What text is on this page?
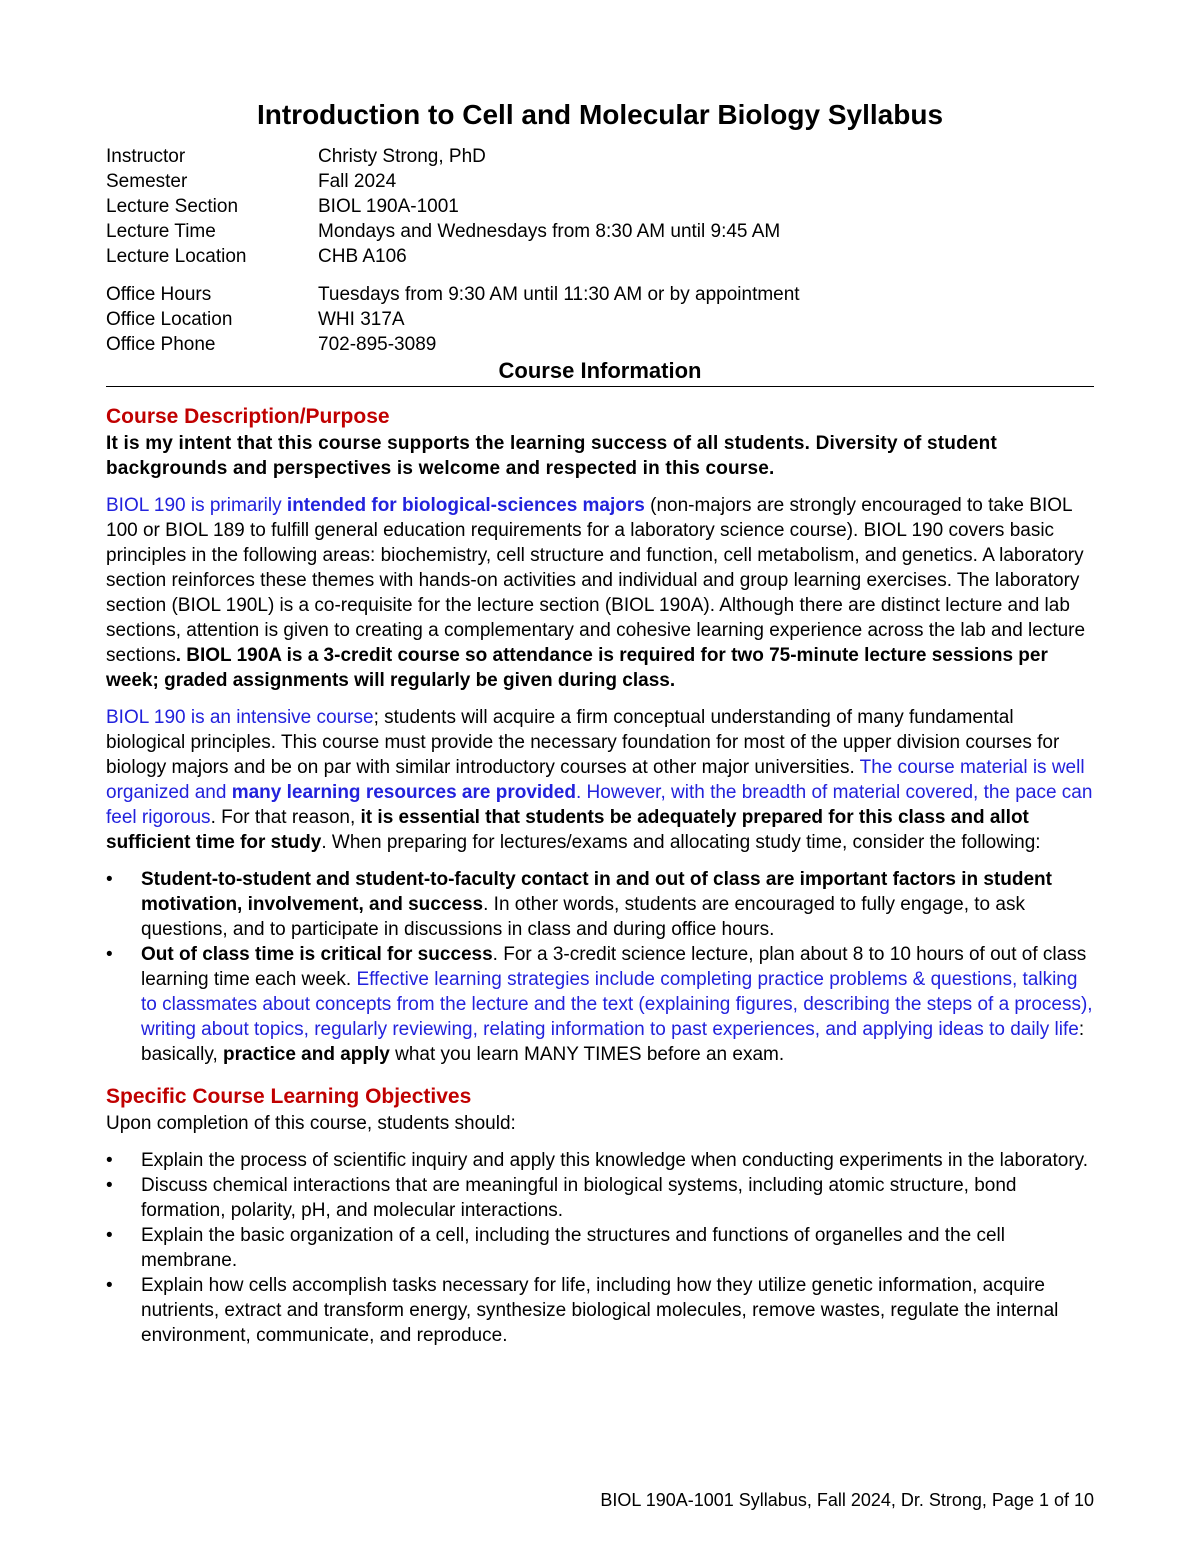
Introduction to Cell and Molecular Biology Syllabus
Instructor	Christy Strong, PhD
Semester	Fall 2024
Lecture Section	BIOL 190A-1001
Lecture Time	Mondays and Wednesdays from 8:30 AM until 9:45 AM
Lecture Location	CHB A106
Office Hours	Tuesdays from 9:30 AM until 11:30 AM or by appointment
Office Location	WHI 317A
Office Phone	702-895-3089
Course Information
Course Description/Purpose

It is my intent that this course supports the learning success of all students. Diversity of student backgrounds and perspectives is welcome and respected in this course.

BIOL 190 is primarily intended for biological-sciences majors (non-majors are strongly encouraged to take BIOL 100 or BIOL 189 to fulfill general education requirements for a laboratory science course). BIOL 190 covers basic principles in the following areas: biochemistry, cell structure and function, cell metabolism, and genetics. A laboratory section reinforces these themes with hands-on activities and individual and group learning exercises. The laboratory section (BIOL 190L) is a co-requisite for the lecture section (BIOL 190A). Although there are distinct lecture and lab sections, attention is given to creating a complementary and cohesive learning experience across the lab and lecture sections. BIOL 190A is a 3-credit course so attendance is required for two 75-minute lecture sessions per week; graded assignments will regularly be given during class.

BIOL 190 is an intensive course; students will acquire a firm conceptual understanding of many fundamental biological principles. This course must provide the necessary foundation for most of the upper division courses for biology majors and be on par with similar introductory courses at other major universities. The course material is well organized and many learning resources are provided. However, with the breadth of material covered, the pace can feel rigorous. For that reason, it is essential that students be adequately prepared for this class and allot sufficient time for study. When preparing for lectures/exams and allocating study time, consider the following:

• Student-to-student and student-to-faculty contact in and out of class are important factors in student motivation, involvement, and success. In other words, students are encouraged to fully engage, to ask questions, and to participate in discussions in class and during office hours.
• Out of class time is critical for success. For a 3-credit science lecture, plan about 8 to 10 hours of out of class learning time each week. Effective learning strategies include completing practice problems & questions, talking to classmates about concepts from the lecture and the text (explaining figures, describing the steps of a process), writing about topics, regularly reviewing, relating information to past experiences, and applying ideas to daily life: basically, practice and apply what you learn MANY TIMES before an exam.
Specific Course Learning Objectives

Upon completion of this course, students should:

• Explain the process of scientific inquiry and apply this knowledge when conducting experiments in the laboratory.
• Discuss chemical interactions that are meaningful in biological systems, including atomic structure, bond formation, polarity, pH, and molecular interactions.
• Explain the basic organization of a cell, including the structures and functions of organelles and the cell membrane.
• Explain how cells accomplish tasks necessary for life, including how they utilize genetic information, acquire nutrients, extract and transform energy, synthesize biological molecules, remove wastes, regulate the internal environment, communicate, and reproduce.
BIOL 190A-1001 Syllabus, Fall 2024, Dr. Strong, Page 1 of 10
